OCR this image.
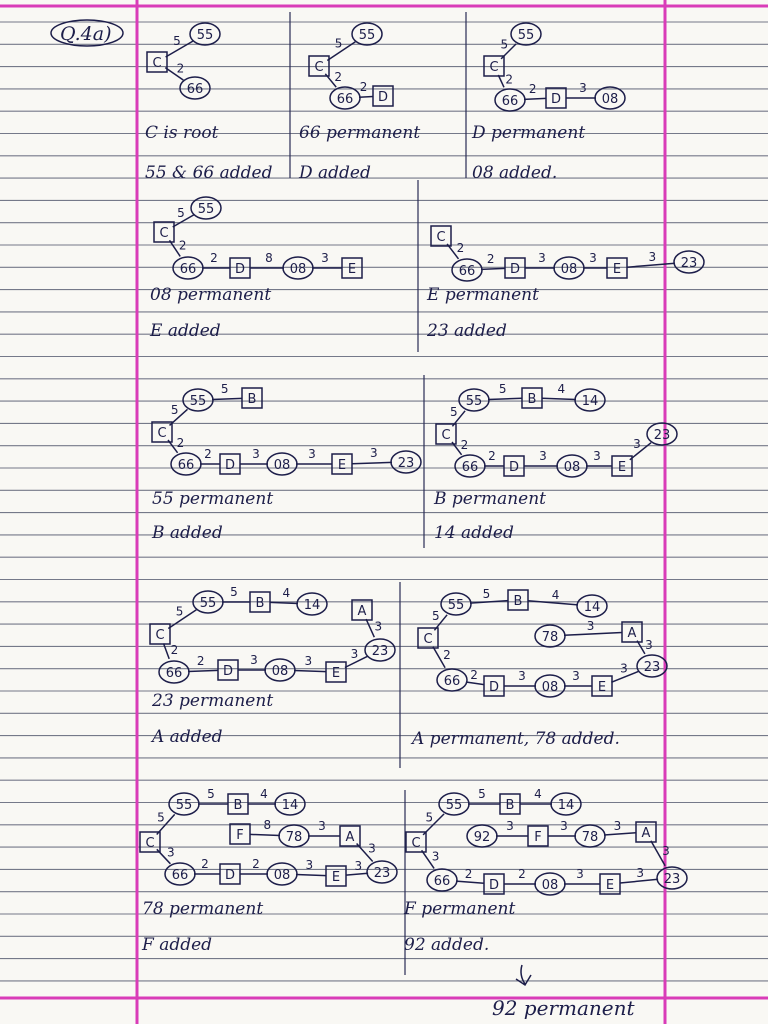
Q.4a)	5
2
55
C
66
C is root
55 & 66 added
5
2
2
55
C
66 D
66 permanent
D added
5
2
2	3
55
C
66	D	08
D permanent
08 added.
5
2
2	8	3
55
C
66	D	08	E
08 permanent
E added
2
2	3	3	3
C
66	D	08	E	23
E permanent
23 added
5
5
2
2	3	3	3
55	B
C
66 D	08	E	23
55 permanent
B added
5
5	4
2
2	3	3
3
55	B	14
C	23
66 D	08	E
B permanent
14 added
5
5	4
3
2
2	3	3
3
55	B	14	A
C
23
66	D	08	E
23 permanent
A added
5
5	4
3
3
2
2	3	3
3
55	B	14
C	78	A
23
66 D	08	E
A permanent, 78 added.
5
5	4
8	3
3
2	2	3	3
3
55	B	14
C
F	78	A
66	D	08	E	23
78 permanent
F added
5
5	4
3	3	3
3
2	2	3	3
3
55	B	14
C	92	F	78	A
66	D	08	E	23
F permanent
92 added.
92 permanent
